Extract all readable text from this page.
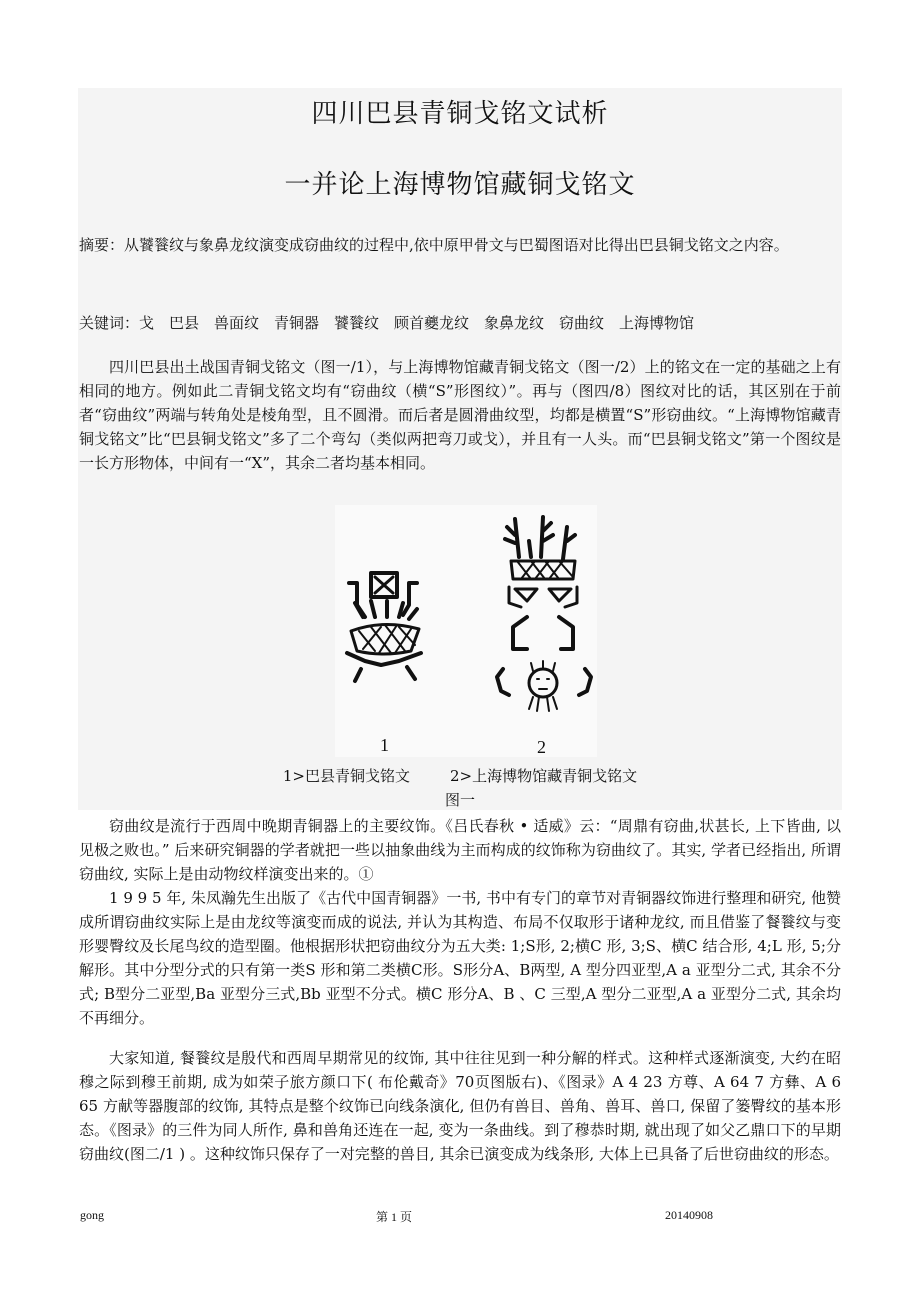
四川巴县青铜戈铭文试析
一并论上海博物馆藏铜戈铭文
摘要：从饕餮纹与象鼻龙纹演变成窃曲纹的过程中,依中原甲骨文与巴蜀图语对比得出巴县铜戈铭文之内容。
关键词：戈　巴县　兽面纹　青铜器　饕餮纹　顾首夔龙纹　象鼻龙纹　窃曲纹　上海博物馆
四川巴县出土战国青铜戈铭文（图一/1），与上海博物馆藏青铜戈铭文（图一/2）上的铭文在一定的基础之上有相同的地方。例如此二青铜戈铭文均有“窃曲纹（横“S”形图纹）”。再与（图四/8）图纹对比的话，其区别在于前者“窃曲纹”两端与转角处是棱角型，且不圆滑。而后者是圆滑曲纹型，均都是横置“S”形窃曲纹。“上海博物馆藏青铜戈铭文”比“巴县铜戈铭文”多了二个弯勾（类似两把弯刀或戈），并且有一人头。而“巴县铜戈铭文”第一个图纹是一长方形物体，中间有一“X”，其余二者均基本相同。
1	2
1>巴县青铜戈铭文	2>上海博物馆藏青铜戈铭文
图一
窃曲纹是流行于西周中晚期青铜器上的主要纹饰。《吕氏春秋 • 适威》云：“周鼎有窃曲,状甚长, 上下皆曲, 以见极之败也。” 后来研究铜器的学者就把一些以抽象曲线为主而构成的纹饰称为窃曲纹了。其实, 学者已经指出, 所谓窃曲纹, 实际上是由动物纹样演变出来的。①
1 9 9 5 年, 朱凤瀚先生出版了《古代中国青铜器》一书, 书中有专门的章节对青铜器纹饰进行整理和研究, 他赞成所谓窃曲纹实际上是由龙纹等演变而成的说法, 并认为其构造、布局不仅取形于诸种龙纹, 而且借鉴了餐餮纹与变形婴臀纹及长尾鸟纹的造型圈。他根据形状把窃曲纹分为五大类: 1;S形, 2;横C 形, 3;S、横C 结合形, 4;L 形, 5;分解形。其中分型分式的只有第一类S 形和第二类横C形。S形分A、B两型, A 型分四亚型,A a 亚型分二式, 其余不分式; B型分二亚型,Ba 亚型分三式,Bb 亚型不分式。横C 形分A、B 、C 三型,A 型分二亚型,A a 亚型分二式, 其余均不再细分。
大家知道, 餐餮纹是殷代和西周早期常见的纹饰, 其中往往见到一种分解的样式。这种样式逐渐演变, 大约在昭穆之际到穆王前期, 成为如荣子旅方颜口下( 布伦戴奇》70页图版右)、《图录》A 4 23 方尊、A 64 7 方彝、A 6 65 方献等器腹部的纹饰, 其特点是整个纹饰已向线条演化, 但仍有兽目、兽角、兽耳、兽口, 保留了篓臀纹的基本形态。《图录》的三件为同人所作, 鼻和兽角还连在一起, 变为一条曲线。到了穆恭时期, 就出现了如父乙鼎口下的早期窃曲纹(图二/1 ) 。这种纹饰只保存了一对完整的兽目, 其余已演变成为线条形, 大体上已具备了后世窃曲纹的形态。
gong	第 1 页	20140908
